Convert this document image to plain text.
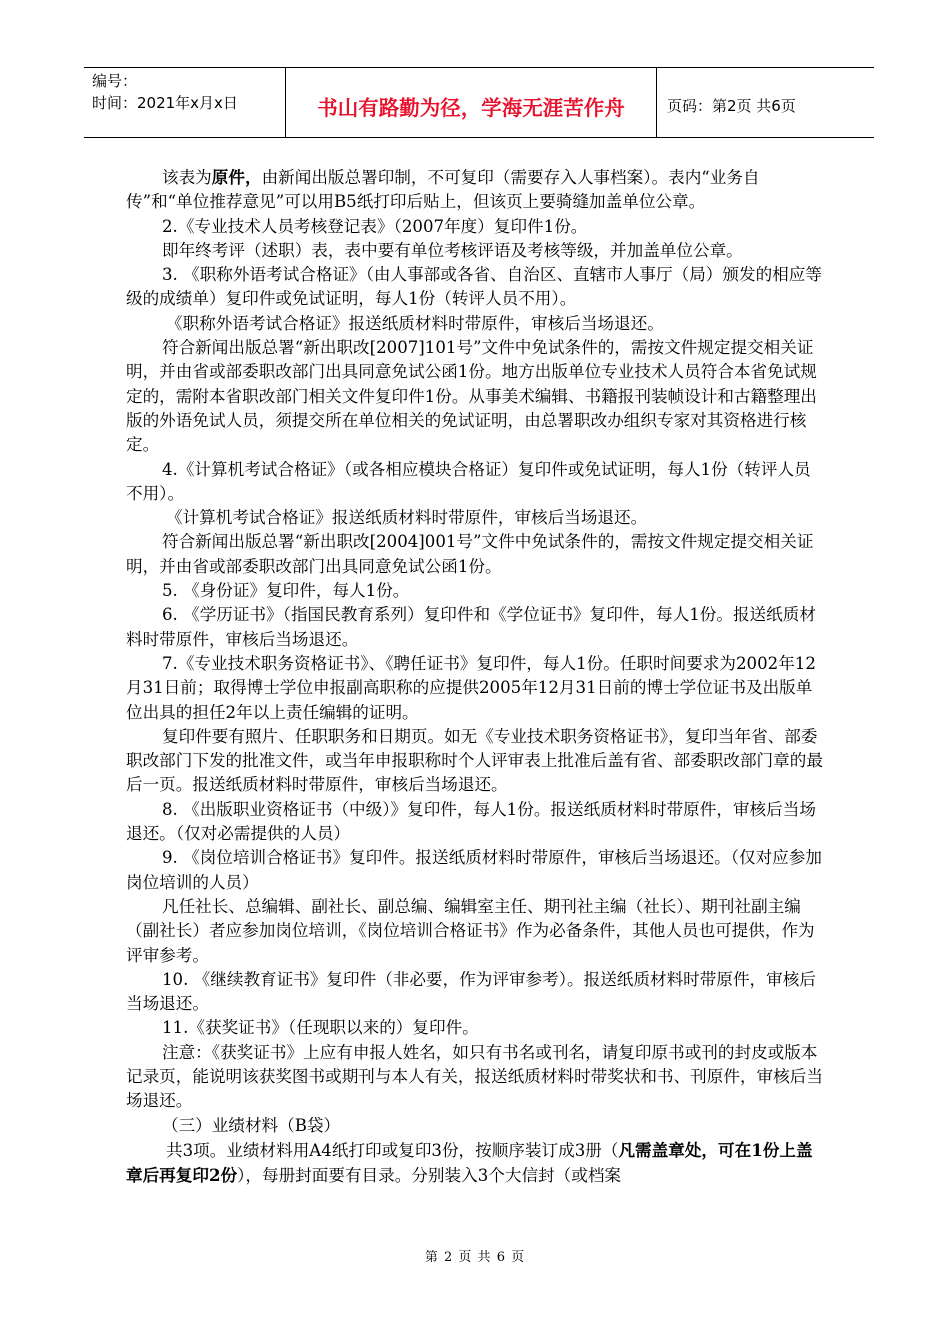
编号：
时间：2021年x月x日	书山有路勤为径，学海无涯苦作舟	页码：第2页 共6页

该表为原件，由新闻出版总署印制，不可复印（需要存入人事档案）。表内“业务自传”和“单位推荐意见”可以用B5纸打印后贴上，但该页上要骑缝加盖单位公章。

2.《专业技术人员考核登记表》（2007年度）复印件1份。

即年终考评（述职）表，表中要有单位考核评语及考核等级，并加盖单位公章。

3. 《职称外语考试合格证》（由人事部或各省、自治区、直辖市人事厅（局）颁发的相应等级的成绩单）复印件或免试证明，每人1份（转评人员不用）。

《职称外语考试合格证》报送纸质材料时带原件，审核后当场退还。

符合新闻出版总署“新出职改[2007]101号”文件中免试条件的，需按文件规定提交相关证明，并由省或部委职改部门出具同意免试公函1份。地方出版单位专业技术人员符合本省免试规定的，需附本省职改部门相关文件复印件1份。从事美术编辑、书籍报刊装帧设计和古籍整理出版的外语免试人员，须提交所在单位相关的免试证明，由总署职改办组织专家对其资格进行核定。

4.《计算机考试合格证》（或各相应模块合格证）复印件或免试证明，每人1份（转评人员不用）。

《计算机考试合格证》报送纸质材料时带原件，审核后当场退还。

符合新闻出版总署“新出职改[2004]001号”文件中免试条件的，需按文件规定提交相关证明，并由省或部委职改部门出具同意免试公函1份。

5. 《身份证》复印件，每人1份。

6. 《学历证书》（指国民教育系列）复印件和《学位证书》复印件，每人1份。报送纸质材料时带原件，审核后当场退还。

7.《专业技术职务资格证书》、《聘任证书》复印件，每人1份。任职时间要求为2002年12月31日前；取得博士学位申报副高职称的应提供2005年12月31日前的博士学位证书及出版单位出具的担任2年以上责任编辑的证明。

复印件要有照片、任职职务和日期页。如无《专业技术职务资格证书》，复印当年省、部委职改部门下发的批准文件，或当年申报职称时个人评审表上批准后盖有省、部委职改部门章的最后一页。报送纸质材料时带原件，审核后当场退还。

8. 《出版职业资格证书（中级）》复印件，每人1份。报送纸质材料时带原件，审核后当场退还。（仅对必需提供的人员）

9. 《岗位培训合格证书》复印件。报送纸质材料时带原件，审核后当场退还。（仅对应参加岗位培训的人员）

凡任社长、总编辑、副社长、副总编、编辑室主任、期刊社主编（社长）、期刊社副主编（副社长）者应参加岗位培训，《岗位培训合格证书》作为必备条件，其他人员也可提供，作为评审参考。

10. 《继续教育证书》复印件（非必要，作为评审参考）。报送纸质材料时带原件，审核后当场退还。

11.《获奖证书》（任现职以来的）复印件。

注意：《获奖证书》上应有申报人姓名，如只有书名或刊名，请复印原书或刊的封皮或版本记录页，能说明该获奖图书或期刊与本人有关，报送纸质材料时带奖状和书、刊原件，审核后当场退还。

（三）业绩材料（B袋）

共3项。业绩材料用A4纸打印或复印3份，按顺序装订成3册（凡需盖章处，可在1份上盖章后再复印2份），每册封面要有目录。分别装入3个大信封（或档案

第 2 页 共 6 页
